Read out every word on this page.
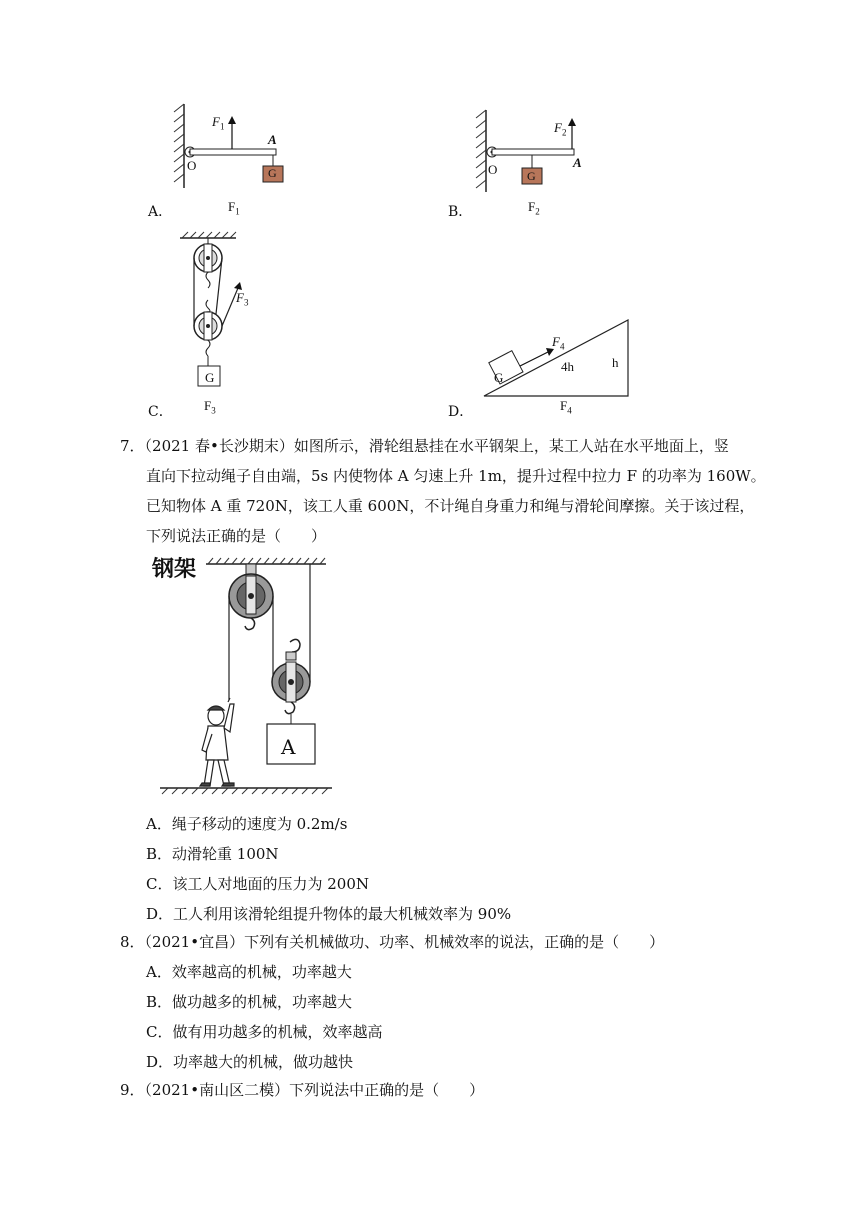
$F_1$
A
O	G
A．	$F_1$
$F_2$
A
O G
B．	$F_2$
$F_3$
G
C． $F_3$
$F_4$
G
4h	h
D．	$F_4$
7．（2021 春•长沙期末）如图所示，滑轮组悬挂在水平钢架上，某工人站在水平地面上，竖
直向下拉动绳子自由端，5s 内使物体 A 匀速上升 1m，提升过程中拉力 F 的功率为 160W。
已知物体 A 重 720N，该工人重 600N，不计绳自身重力和绳与滑轮间摩擦。关于该过程，
下列说法正确的是（　　）
钢架
A
A．绳子移动的速度为 0.2m/s
B．动滑轮重 100N
C．该工人对地面的压力为 200N
D．工人利用该滑轮组提升物体的最大机械效率为 90%
8．（2021•宜昌）下列有关机械做功、功率、机械效率的说法，正确的是（　　）
A．效率越高的机械，功率越大
B．做功越多的机械，功率越大
C．做有用功越多的机械，效率越高
D．功率越大的机械，做功越快
9．（2021•南山区二模）下列说法中正确的是（　　）
